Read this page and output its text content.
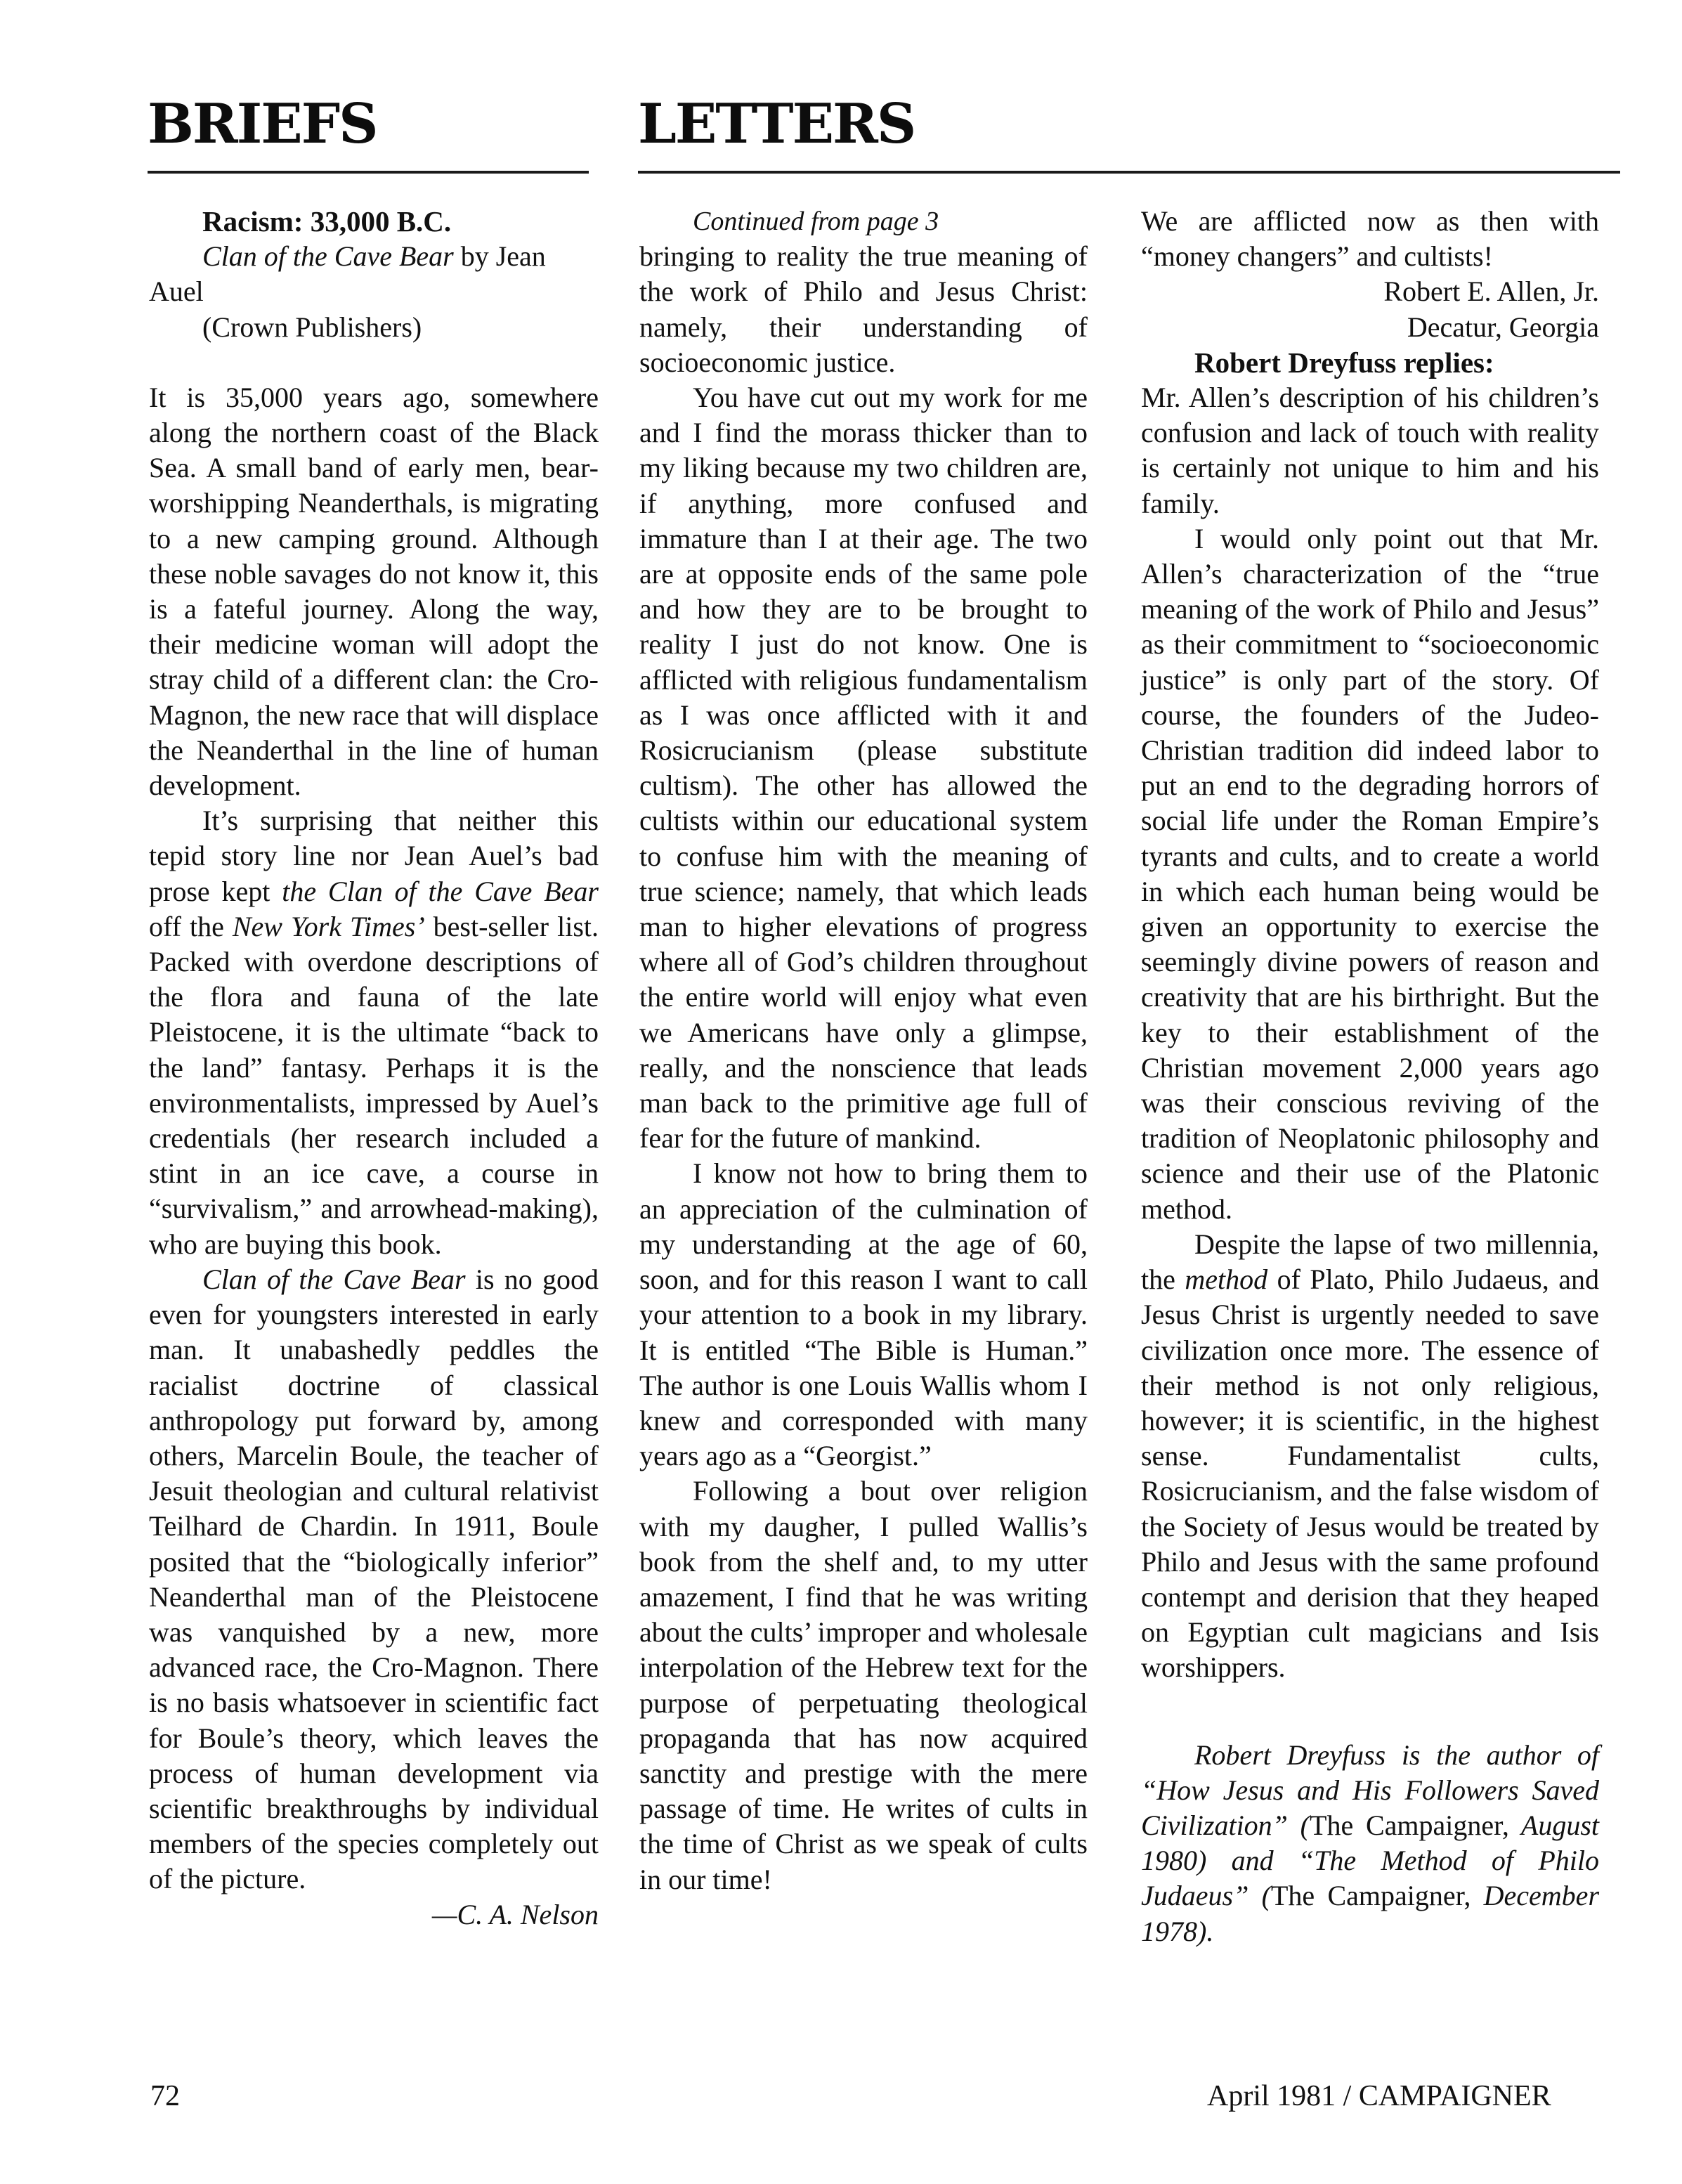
BRIEFS	LETTERS

Racism: 33,000 B.C.

Clan of the Cave Bear by Jean Auel

(Crown Publishers)

It is 35,000 years ago, somewhere along the northern coast of the Black Sea. A small band of early men, bear-worshipping Neanderthals, is migrating to a new camping ground. Although these noble savages do not know it, this is a fateful journey. Along the way, their medicine woman will adopt the stray child of a different clan: the Cro-Magnon, the new race that will displace the Neanderthal in the line of human development.

It’s surprising that neither this tepid story line nor Jean Auel’s bad prose kept the Clan of the Cave Bear off the New York Times’ best-seller list. Packed with overdone descriptions of the flora and fauna of the late Pleistocene, it is the ultimate “back to the land” fantasy. Perhaps it is the environmentalists, impressed by Auel’s credentials (her research included a stint in an ice cave, a course in “survivalism,” and arrowhead-making), who are buying this book.

Clan of the Cave Bear is no good even for youngsters interested in early man. It unabashedly peddles the racialist doctrine of classical anthropology put forward by, among others, Marcelin Boule, the teacher of Jesuit theologian and cultural relativist Teilhard de Chardin. In 1911, Boule posited that the “biologically inferior” Neanderthal man of the Pleistocene was vanquished by a new, more advanced race, the Cro-Magnon. There is no basis whatsoever in scientific fact for Boule’s theory, which leaves the process of human development via scientific breakthroughs by individual members of the species completely out of the picture.

—C. A. Nelson

Continued from page 3

bringing to reality the true meaning of the work of Philo and Jesus Christ: namely, their understanding of socioeconomic justice.

You have cut out my work for me and I find the morass thicker than to my liking because my two children are, if anything, more confused and immature than I at their age. The two are at opposite ends of the same pole and how they are to be brought to reality I just do not know. One is afflicted with religious fundamentalism as I was once afflicted with it and Rosicrucianism (please substitute cultism). The other has allowed the cultists within our educational system to confuse him with the meaning of true science; namely, that which leads man to higher elevations of progress where all of God’s children throughout the entire world will enjoy what even we Americans have only a glimpse, really, and the nonscience that leads man back to the primitive age full of fear for the future of mankind.

I know not how to bring them to an appreciation of the culmination of my understanding at the age of 60, soon, and for this reason I want to call your attention to a book in my library. It is entitled “The Bible is Human.” The author is one Louis Wallis whom I knew and corresponded with many years ago as a “Georgist.”

Following a bout over religion with my daugher, I pulled Wallis’s book from the shelf and, to my utter amazement, I find that he was writing about the cults’ improper and wholesale interpolation of the Hebrew text for the purpose of perpetuating theological propaganda that has now acquired sanctity and prestige with the mere passage of time. He writes of cults in the time of Christ as we speak of cults in our time!

We are afflicted now as then with “money changers” and cultists!

Robert E. Allen, Jr.
Decatur, Georgia

Robert Dreyfuss replies:

Mr. Allen’s description of his children’s confusion and lack of touch with reality is certainly not unique to him and his family.

I would only point out that Mr. Allen’s characterization of the “true meaning of the work of Philo and Jesus” as their commitment to “socioeconomic justice” is only part of the story. Of course, the founders of the Judeo-Christian tradition did indeed labor to put an end to the degrading horrors of social life under the Roman Empire’s tyrants and cults, and to create a world in which each human being would be given an opportunity to exercise the seemingly divine powers of reason and creativity that are his birthright. But the key to their establishment of the Christian movement 2,000 years ago was their conscious reviving of the tradition of Neoplatonic philosophy and science and their use of the Platonic method.

Despite the lapse of two millennia, the method of Plato, Philo Judaeus, and Jesus Christ is urgently needed to save civilization once more. The essence of their method is not only religious, however; it is scientific, in the highest sense. Fundamentalist cults, Rosicrucianism, and the false wisdom of the Society of Jesus would be treated by Philo and Jesus with the same profound contempt and derision that they heaped on Egyptian cult magicians and Isis worshippers.

Robert Dreyfuss is the author of “How Jesus and His Followers Saved Civilization” (The Campaigner, August 1980) and “The Method of Philo Judaeus” (The Campaigner, December 1978).

72	April 1981 / CAMPAIGNER
